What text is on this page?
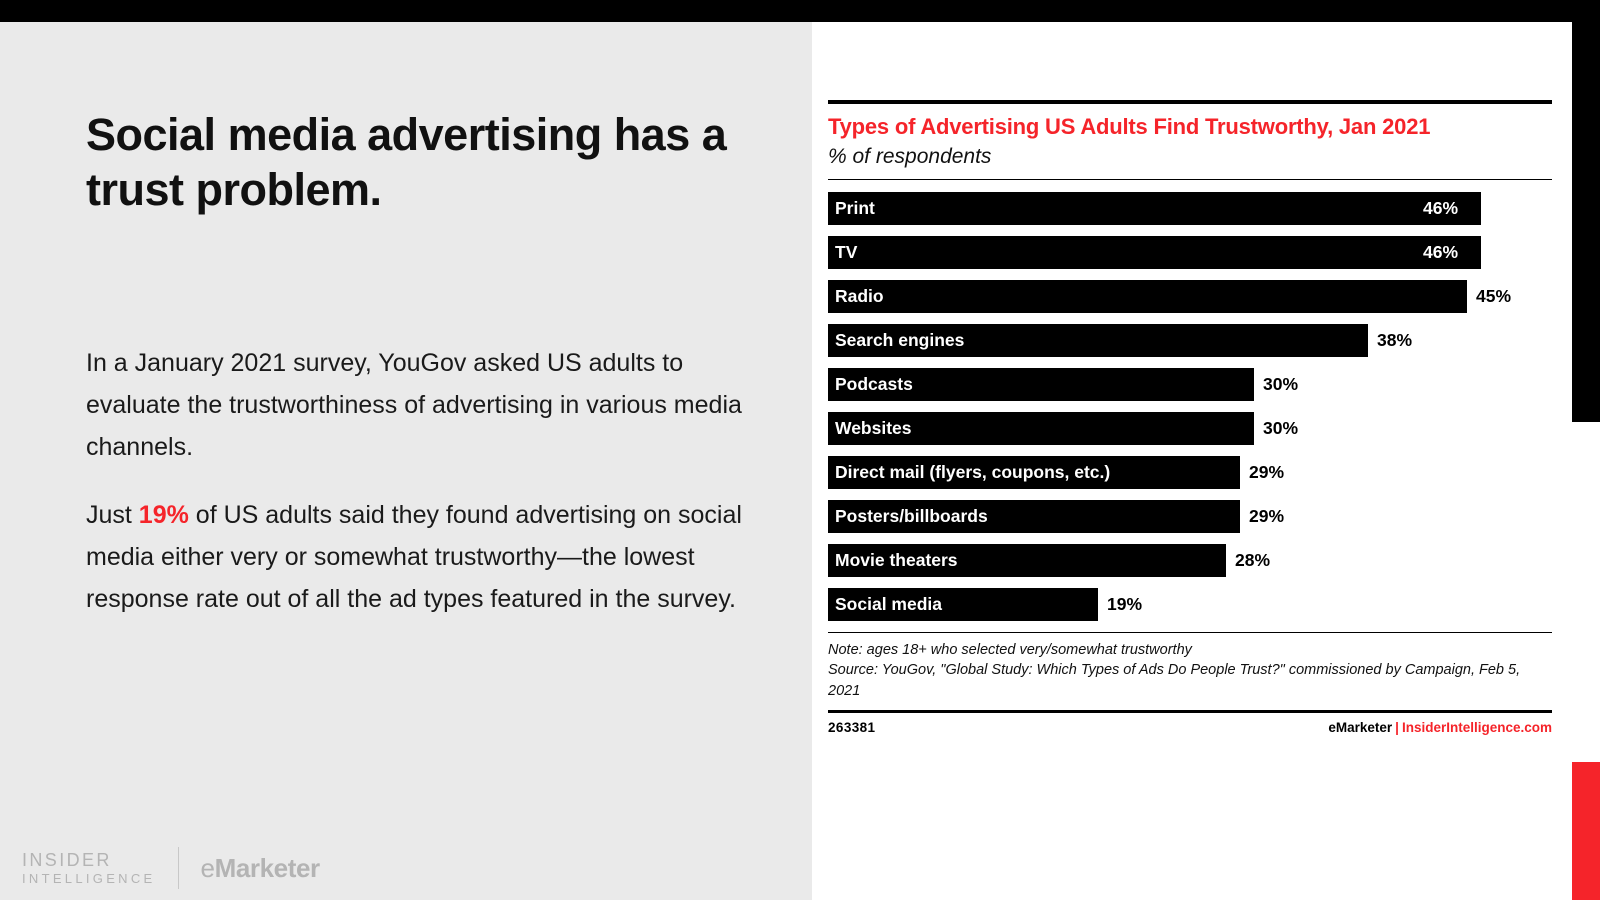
Social media advertising has a trust problem.

In a January 2021 survey, YouGov asked US adults to evaluate the trustworthiness of advertising in various media channels.

Just 19% of US adults said they found advertising on social media either very or somewhat trustworthy—the lowest response rate out of all the ad types featured in the survey.

INSIDER
INTELLIGENCE eMarketer
Types of Advertising US Adults Find Trustworthy, Jan 2021
% of respondents
Print	46%
TV	46%
Radio	45%
Search engines	38%
Podcasts	30%
Websites	30%
Direct mail (flyers, coupons, etc.)	29%
Posters/billboards	29%
Movie theaters	28%
Social media	19%
Note: ages 18+ who selected very/somewhat trustworthy
Source: YouGov, "Global Study: Which Types of Ads Do People Trust?" commissioned by Campaign, Feb 5, 2021
263381	eMarketer | InsiderIntelligence.com
